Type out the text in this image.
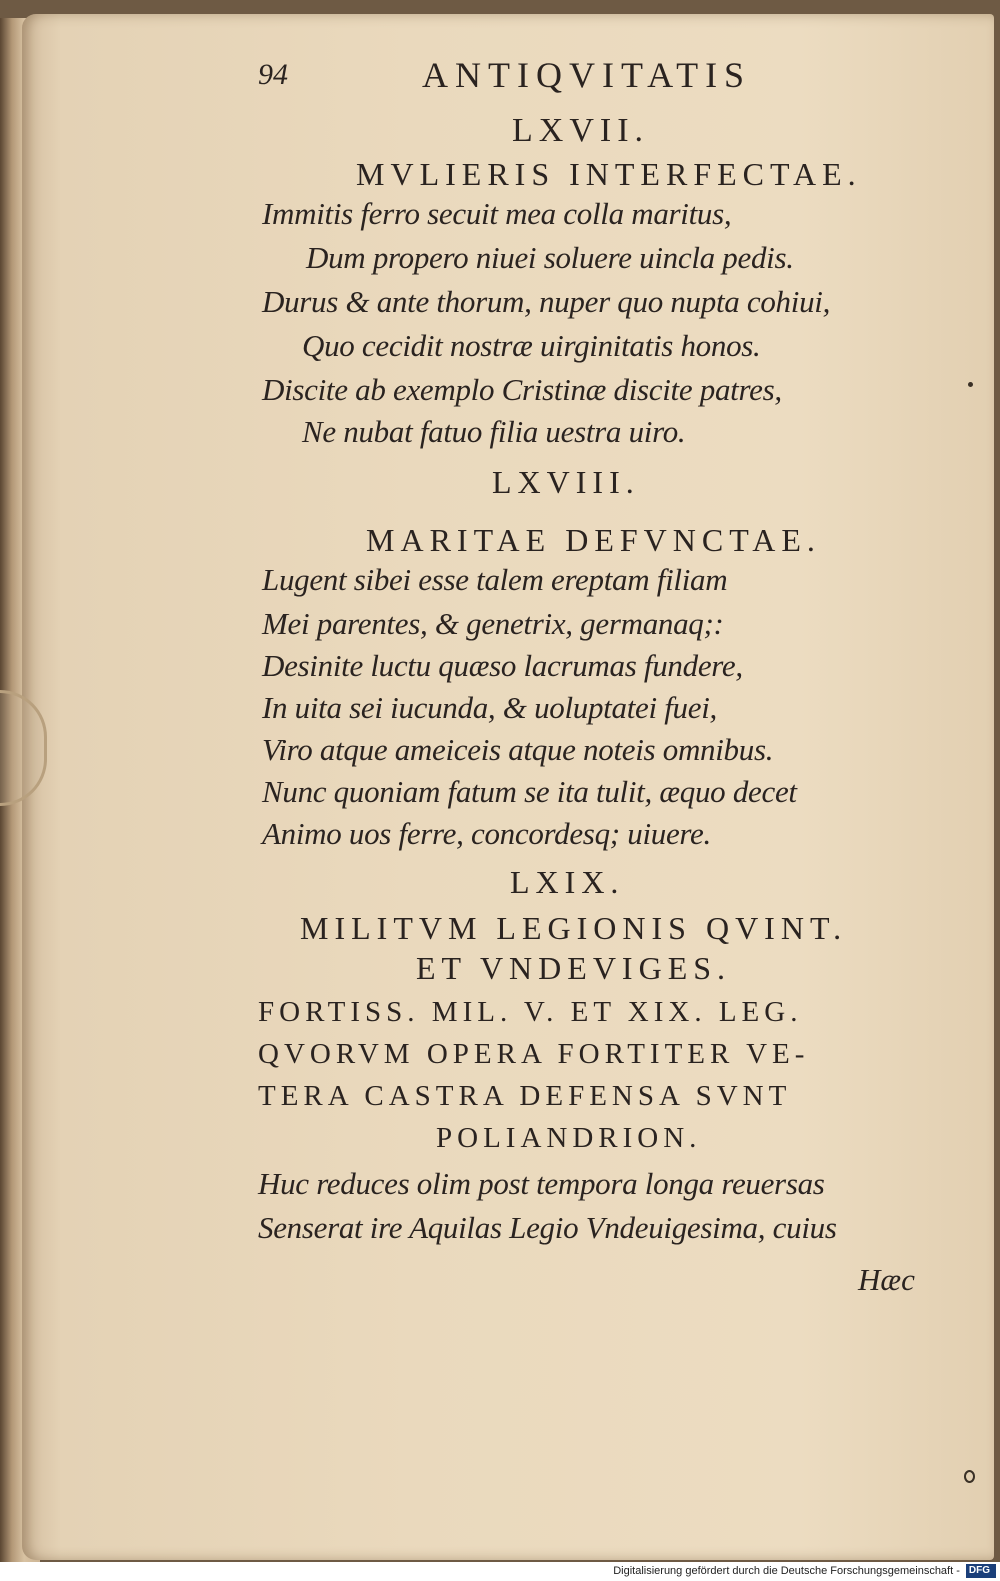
94	ANTIQVITATIS
LXVII.
MVLIERIS INTERFECTAE.
Immitis ferro secuit mea colla maritus,
Dum propero niuei soluere uincla pedis.
Durus & ante thorum, nuper quo nupta cohiui,
Quo cecidit nostræ uirginitatis honos.
Discite ab exemplo Cristinæ discite patres,
Ne nubat fatuo filia uestra uiro.
LXVIII.
MARITAE DEFVNCTAE.
Lugent sibei esse talem ereptam filiam
Mei parentes, & genetrix, germanaq;:
Desinite luctu quæso lacrumas fundere,
In uita sei iucunda, & uoluptatei fuei,
Viro atque ameiceis atque noteis omnibus.
Nunc quoniam fatum se ita tulit, æquo decet
Animo uos ferre, concordesq; uiuere.
LXIX.
MILITVM LEGIONIS QVINT.
ET VNDEVIGES.
FORTISS. MIL. V. ET XIX. LEG.
QVORVM OPERA FORTITER VE-
TERA CASTRA DEFENSA SVNT
POLIANDRION.
Huc reduces olim post tempora longa reuersas
Senserat ire Aquilas Legio Vndeuigesima, cuius
Hæc
Digitalisierung gefördert durch die Deutsche Forschungsgemeinschaft - DFG
